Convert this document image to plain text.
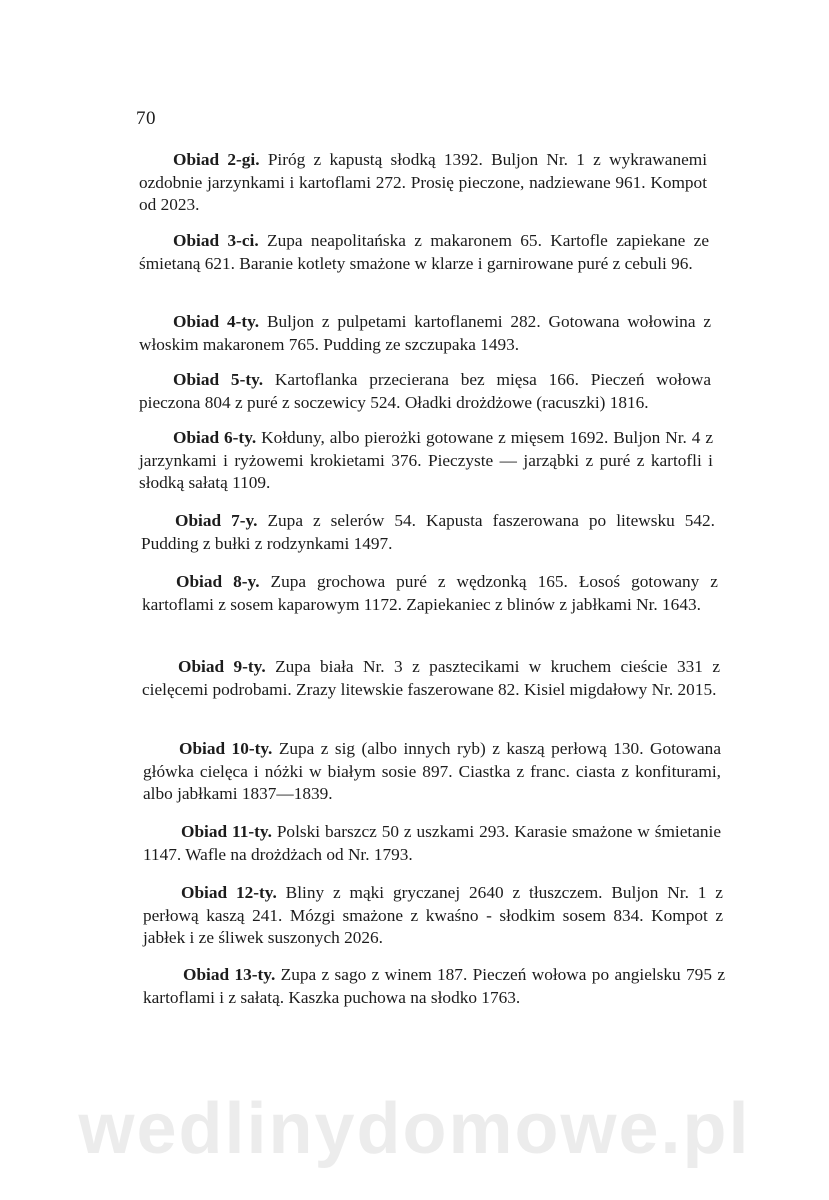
70

Obiad 2-gi. Piróg z kapustą słodką 1392. Buljon Nr. 1 z wykrawanemi ozdobnie jarzynkami i kartoflami 272. Prosię pieczone, nadziewane 961. Kompot od 2023.

Obiad 3-ci. Zupa neapolitańska z makaronem 65. Kartofle zapiekane ze śmietaną 621. Baranie kotlety smażone w klarze i garnirowane puré z cebuli 96.

Obiad 4-ty. Buljon z pulpetami kartoflanemi 282. Gotowana wołowina z włoskim makaronem 765. Pudding ze szczupaka 1493.

Obiad 5-ty. Kartoflanka przecierana bez mięsa 166. Pieczeń wołowa pieczona 804 z puré z soczewicy 524. Oładki drożdżowe (racuszki) 1816.

Obiad 6-ty. Kołduny, albo pierożki gotowane z mięsem 1692. Buljon Nr. 4 z jarzynkami i ryżowemi krokietami 376. Pieczyste — jarząbki z puré z kartofli i słodką sałatą 1109.

Obiad 7-y. Zupa z selerów 54. Kapusta faszerowana po litewsku 542. Pudding z bułki z rodzynkami 1497.

Obiad 8-y. Zupa grochowa puré z wędzonką 165. Łosoś gotowany z kartoflami z sosem kaparowym 1172. Zapiekaniec z blinów z jabłkami Nr. 1643.

Obiad 9-ty. Zupa biała Nr. 3 z pasztecikami w kruchem cieście 331 z cielęcemi podrobami. Zrazy litewskie faszerowane 82. Kisiel migdałowy Nr. 2015.

Obiad 10-ty. Zupa z sig (albo innych ryb) z kaszą perłową 130. Gotowana główka cielęca i nóżki w białym sosie 897. Ciastka z franc. ciasta z konfiturami, albo jabłkami 1837—1839.

Obiad 11-ty. Polski barszcz 50 z uszkami 293. Karasie smażone w śmietanie 1147. Wafle na drożdżach od Nr. 1793.

Obiad 12-ty. Bliny z mąki gryczanej 2640 z tłuszczem. Buljon Nr. 1 z perłową kaszą 241. Mózgi smażone z kwaśno - słodkim sosem 834. Kompot z jabłek i ze śliwek suszonych 2026.

Obiad 13-ty. Zupa z sago z winem 187. Pieczeń wołowa po angielsku 795 z kartoflami i z sałatą. Kaszka puchowa na słodko 1763.

wedlinydomowe.pl
